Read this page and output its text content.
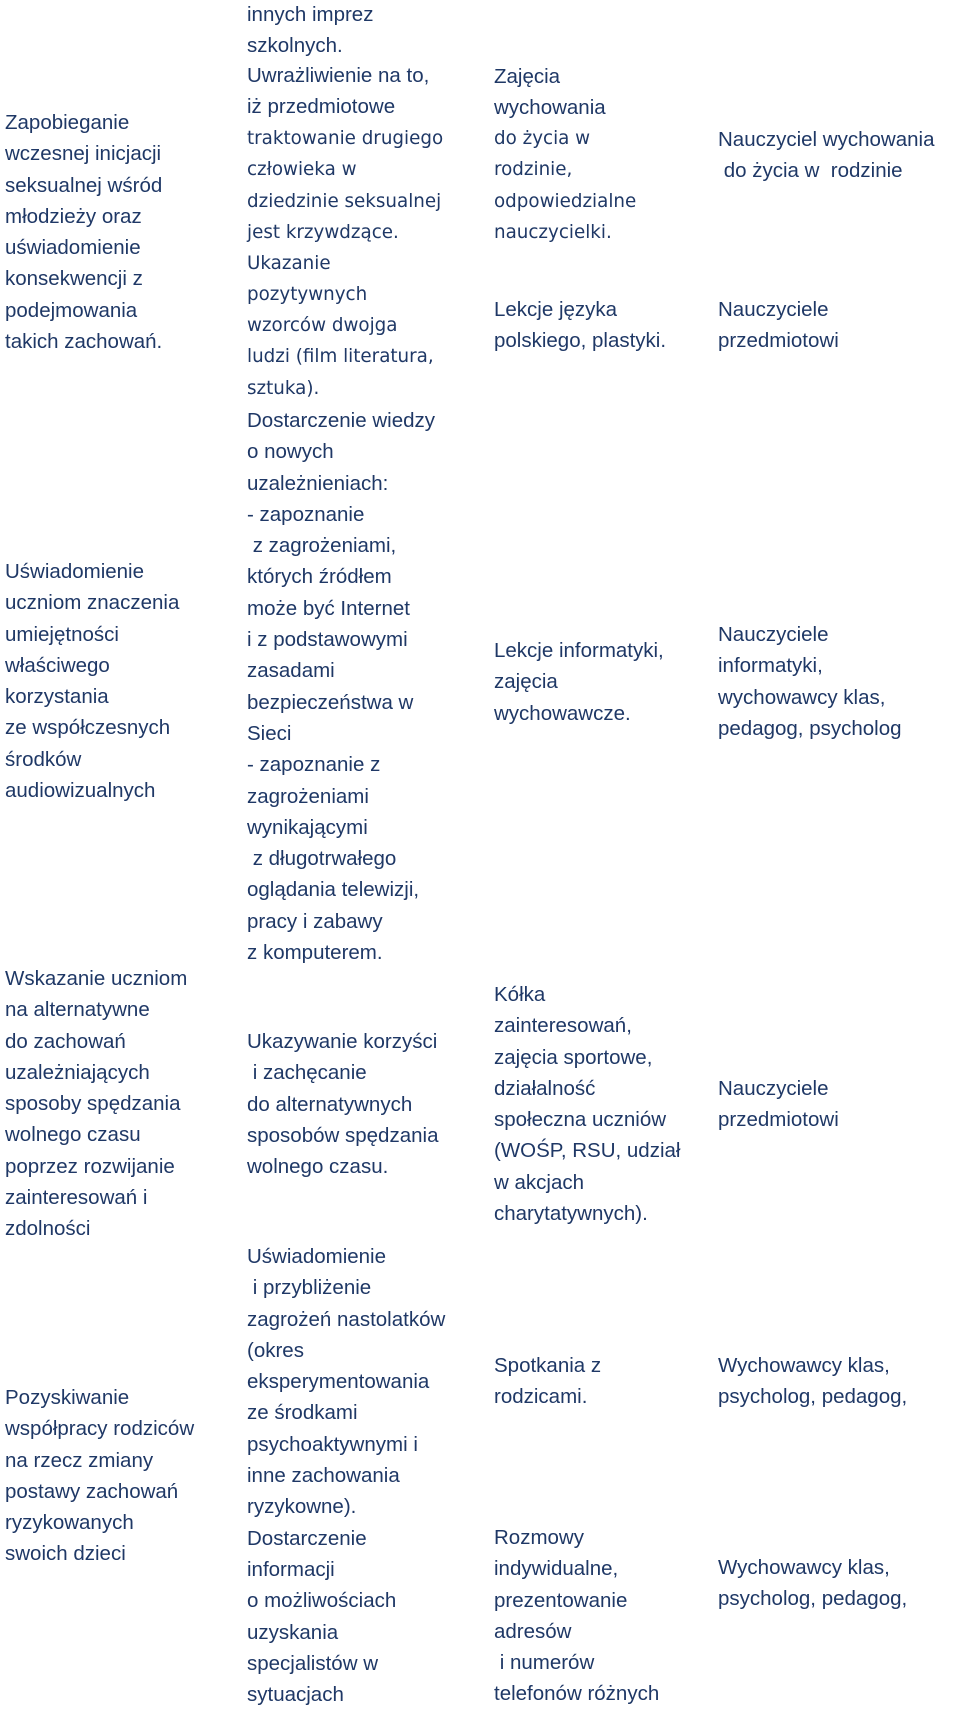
Zapobieganie
wczesnej inicjacji
seksualnej wśród
młodzieży oraz
uświadomienie
konsekwencji z
podejmowania
takich zachowań.
Uświadomienie
uczniom znaczenia
umiejętności
właściwego
korzystania
ze współczesnych
środków
audiowizualnych
Wskazanie uczniom
na alternatywne
do zachowań
uzależniających
sposoby spędzania
wolnego czasu
poprzez rozwijanie
zainteresowań i
zdolności
Pozyskiwanie
współpracy rodziców
na rzecz zmiany
postawy zachowań
ryzykowanych
swoich dzieci
innych imprez
szkolnych.
Uwrażliwienie na to,
iż przedmiotowe
traktowanie drugiego
człowieka w
dziedzinie seksualnej
jest krzywdzące.
Ukazanie
pozytywnych
wzorców dwojga
ludzi (film literatura,
sztuka).
Dostarczenie wiedzy
o nowych
uzależnieniach:
- zapoznanie
z zagrożeniami,
których źródłem
może być Internet
i z podstawowymi
zasadami
bezpieczeństwa w
Sieci
- zapoznanie z
zagrożeniami
wynikającymi
z długotrwałego
oglądania telewizji,
pracy i zabawy
z komputerem.
Ukazywanie korzyści
i zachęcanie
do alternatywnych
sposobów spędzania
wolnego czasu.
Uświadomienie
i przybliżenie
zagrożeń nastolatków
(okres
eksperymentowania
ze środkami
psychoaktywnymi i
inne zachowania
ryzykowne).
Dostarczenie
informacji
o możliwościach
uzyskania
specjalistów w
sytuacjach
Zajęcia
wychowania
do życia w
rodzinie,
odpowiedzialne
nauczycielki.
Lekcje języka
polskiego, plastyki.
Lekcje informatyki,
zajęcia
wychowawcze.
Kółka
zainteresowań,
zajęcia sportowe,
działalność
społeczna uczniów
(WOŚP, RSU, udział
w akcjach
charytatywnych).
Spotkania z
rodzicami.
Rozmowy
indywidualne,
prezentowanie
adresów
i numerów
telefonów różnych
Nauczyciel wychowania
do życia w  rodzinie
Nauczyciele
przedmiotowi
Nauczyciele
informatyki,
wychowawcy klas,
pedagog, psycholog
Nauczyciele
przedmiotowi
Wychowawcy klas,
psycholog, pedagog,
Wychowawcy klas,
psycholog, pedagog,
